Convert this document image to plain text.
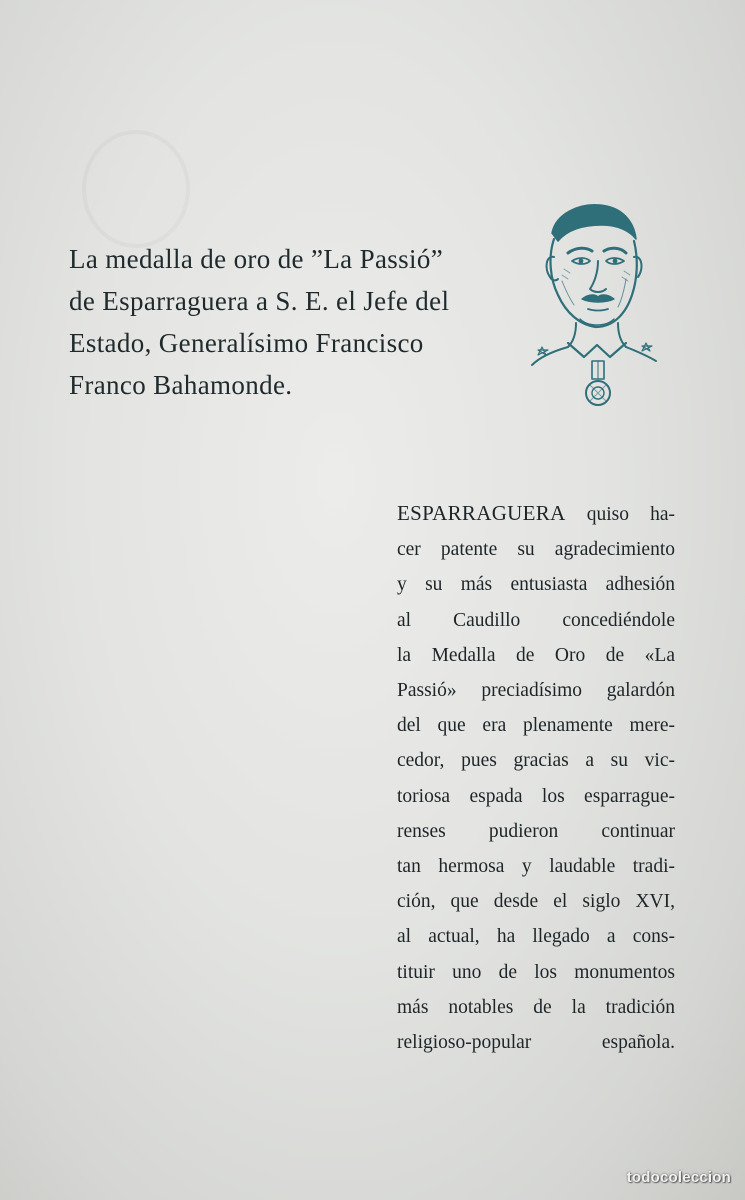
La medalla de oro de ”La Passió”
de Esparraguera a S. E. el Jefe del
Estado, Generalísimo Francisco
Franco Bahamonde.
ESPARRAGUERA quiso ha-
cer patente su agradecimiento
y su más entusiasta adhesión
al Caudillo concediéndole
la Medalla de Oro de «La
Passió» preciadísimo galardón
del que era plenamente mere-
cedor, pues gracias a su vic-
toriosa espada los esparrague-
renses pudieron continuar
tan hermosa y laudable tradi-
ción, que desde el siglo XVI,
al actual, ha llegado a cons-
tituir uno de los monumentos
más notables de la tradición
religioso-popular española.
todocoleccion
